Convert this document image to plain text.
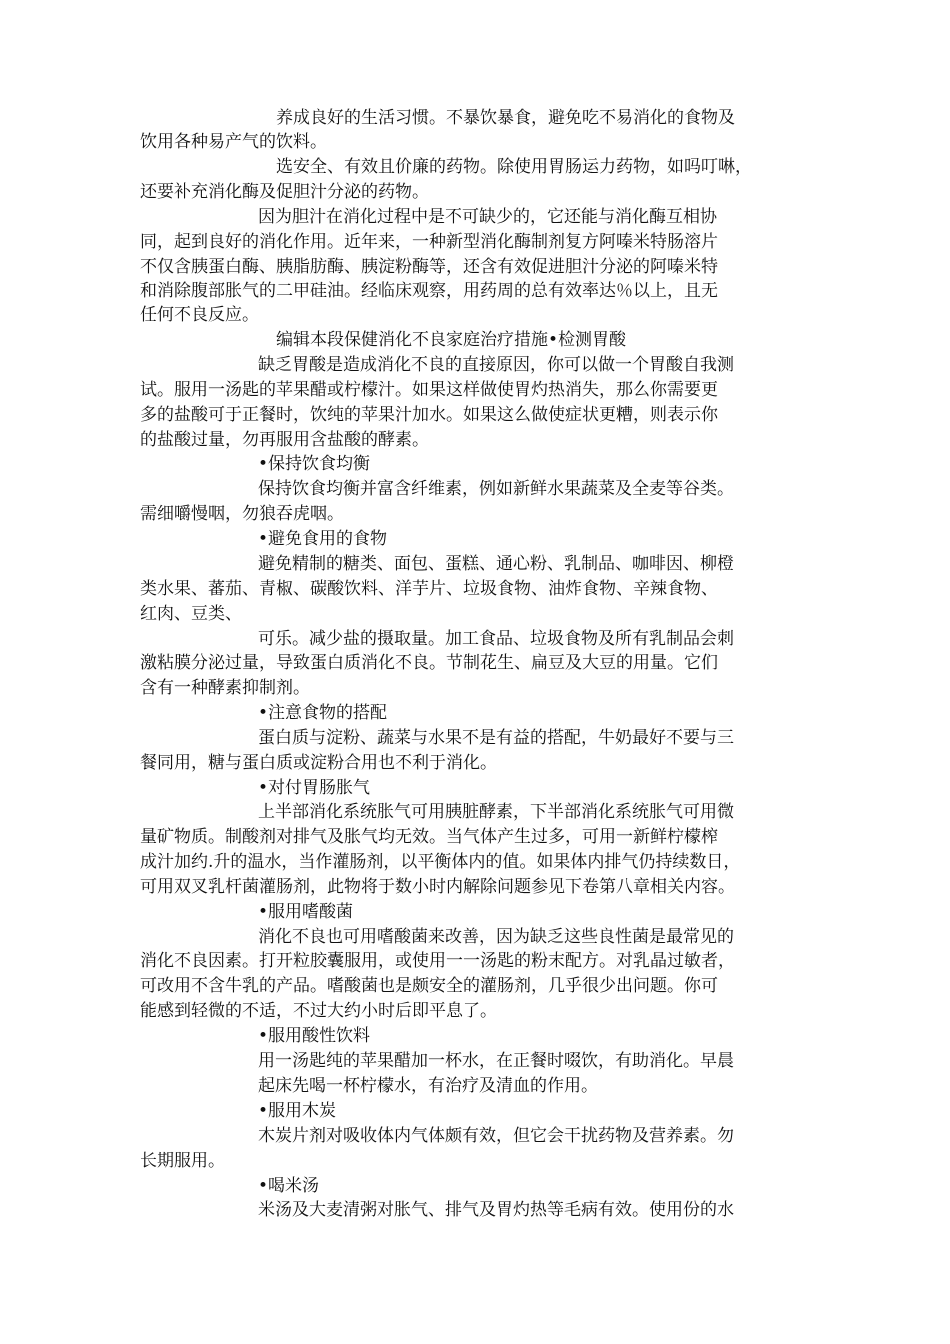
养成良好的生活习惯。不暴饮暴食，避免吃不易消化的食物及
饮用各种易产气的饮料。
选安全、有效且价廉的药物。除使用胃肠运力药物，如吗叮啉，
还要补充消化酶及促胆汁分泌的药物。
因为胆汁在消化过程中是不可缺少的，它还能与消化酶互相协
同，起到良好的消化作用。近年来，一种新型消化酶制剂复方阿嗪米特肠溶片
不仅含胰蛋白酶、胰脂肪酶、胰淀粉酶等，还含有效促进胆汁分泌的阿嗪米特
和消除腹部胀气的二甲硅油。经临床观察，用药周的总有效率达％以上，且无
任何不良反应。
编辑本段保健消化不良家庭治疗措施•检测胃酸
缺乏胃酸是造成消化不良的直接原因，你可以做一个胃酸自我测
试。服用一汤匙的苹果醋或柠檬汁。如果这样做使胃灼热消失，那么你需要更
多的盐酸可于正餐时，饮纯的苹果汁加水。如果这么做使症状更糟，则表示你
的盐酸过量，勿再服用含盐酸的酵素。
•保持饮食均衡
保持饮食均衡并富含纤维素，例如新鲜水果蔬菜及全麦等谷类。
需细嚼慢咽，勿狼吞虎咽。
•避免食用的食物
避免精制的糖类、面包、蛋糕、通心粉、乳制品、咖啡因、柳橙
类水果、蕃茄、青椒、碳酸饮料、洋芋片、垃圾食物、油炸食物、辛辣食物、
红肉、豆类、
可乐。减少盐的摄取量。加工食品、垃圾食物及所有乳制品会刺
激粘膜分泌过量，导致蛋白质消化不良。节制花生、扁豆及大豆的用量。它们
含有一种酵素抑制剂。
•注意食物的搭配
蛋白质与淀粉、蔬菜与水果不是有益的搭配，牛奶最好不要与三
餐同用，糖与蛋白质或淀粉合用也不利于消化。
•对付胃肠胀气
上半部消化系统胀气可用胰脏酵素，下半部消化系统胀气可用微
量矿物质。制酸剂对排气及胀气均无效。当气体产生过多，可用一新鲜柠檬榨
成汁加约.升的温水，当作灌肠剂，以平衡体内的值。如果体内排气仍持续数日，
可用双叉乳杆菌灌肠剂，此物将于数小时内解除问题参见下卷第八章相关内容。
•服用嗜酸菌
消化不良也可用嗜酸菌来改善，因为缺乏这些良性菌是最常见的
消化不良因素。打开粒胶囊服用，或使用一一汤匙的粉末配方。对乳晶过敏者，
可改用不含牛乳的产品。嗜酸菌也是颇安全的灌肠剂，几乎很少出问题。你可
能感到轻微的不适，不过大约小时后即平息了。
•服用酸性饮料
用一汤匙纯的苹果醋加一杯水，在正餐时啜饮，有助消化。早晨
起床先喝一杯柠檬水，有治疗及清血的作用。
•服用木炭
木炭片剂对吸收体内气体颇有效，但它会干扰药物及营养素。勿
长期服用。
•喝米汤
米汤及大麦清粥对胀气、排气及胃灼热等毛病有效。使用份的水
